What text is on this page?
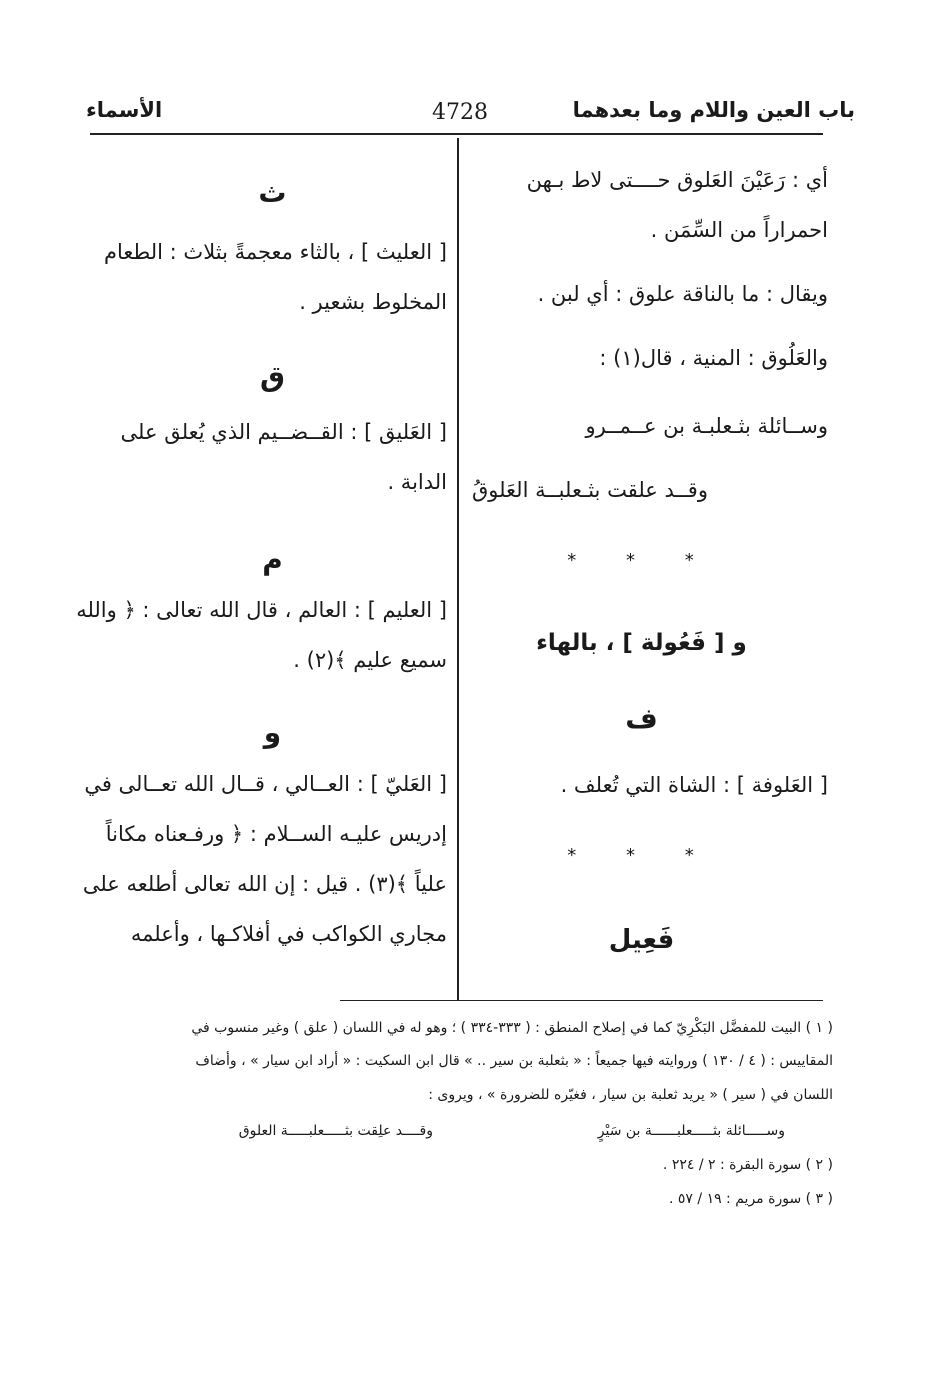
باب العين واللام وما بعدهما
4728
الأسماء
أي : رَعَيْنَ العَلوق حــــتى لاط بـهن
احمراراً من السِّمَن .
ويقال : ما بالناقة علوق : أي لبن .
والعَلُوق : المنية ، قال(١) :
وســائلة بثـعلبـة بن عــمــرو
وقــد علقت بثـعلبــة العَلوقُ
* * *
و [ فَعُولة ] ، بالهاء
ف
[ العَلوفة ] : الشاة التي تُعلف .
* * *
فَعِيل
ث
[ العليث ] ، بالثاء معجمةً بثلاث : الطعام
المخلوط بشعير .
ق
[ العَليق ] : القــضــيم الذي يُعلق على
الدابة .
م
[ العليم ] : العالم ، قال الله تعالى : ﴿ والله
سميع عليم ﴾(٢) .
و
[ العَليّ ] : العــالي ، قــال الله تعــالى في
إدريس عليـه الســلام : ﴿ ورفـعناه مكاناً
علياً ﴾(٣) . قيل : إن الله تعالى أطلعه على
مجاري الكواكب في أفلاكـها ، وأعلمه
( ١ ) البيت للمفضَّل البَكْرِيّ كما في إصلاح المنطق : ( ٣٣٣-٣٣٤ ) ؛ وهو له في اللسان ( علق ) وغير منسوب في
المقاييس : ( ٤ / ١٣٠ ) وروايته فيها جميعاً : « بثعلبة بن سير .. » قال ابن السكيت : « أراد ابن سيار » ، وأضاف
اللسان في ( سير ) « يريد ثعلبة بن سيار ، فغيّره للضرورة » ، ويروى :
وســـــائلة بثـــــعلبــــــة بن سَيْرٍ
وقــــد علِقت بثـــــعلبـــــة العلوق
( ٢ ) سورة البقرة : ٢ / ٢٢٤ .
( ٣ ) سورة مريم : ١٩ / ٥٧ .
